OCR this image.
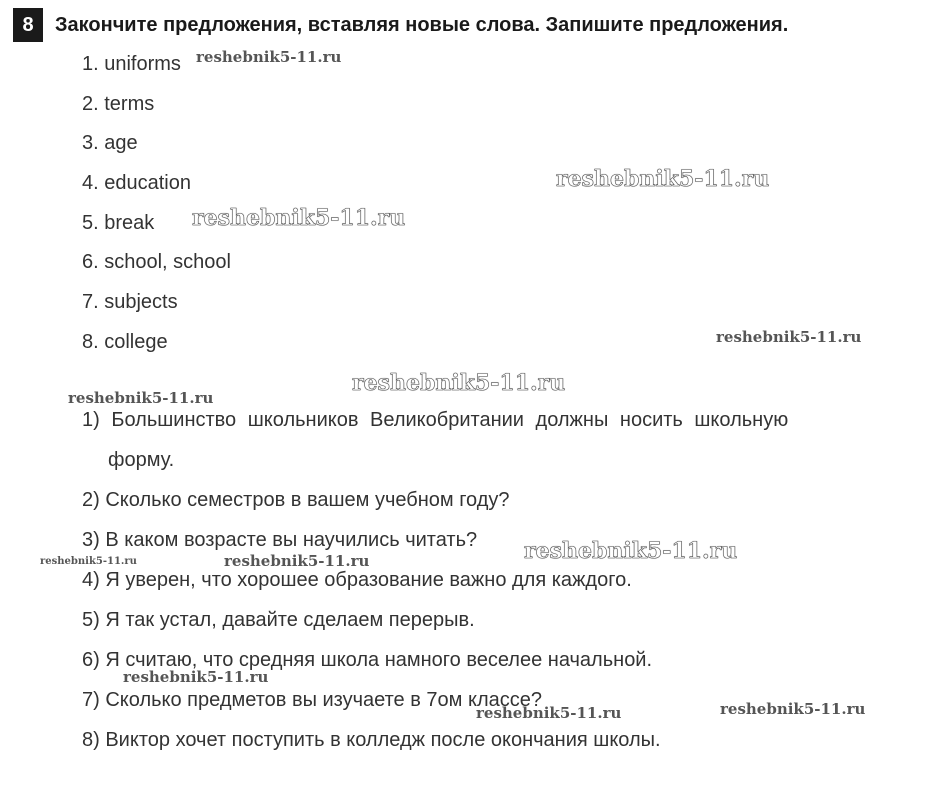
8	Закончите предложения, вставляя новые слова. Запишите предложения.
1. uniforms
2. terms
3. age
4. education
5. break
6. school, school
7. subjects
8. college
1) Большинство школьников Великобритании должны носить школьную
форму.
2) Сколько семестров в вашем учебном году?
3) В каком возрасте вы научились читать?
4) Я уверен, что хорошее образование важно для каждого.
5) Я так устал, давайте сделаем перерыв.
6) Я считаю, что средняя школа намного веселее начальной.
7) Сколько предметов вы изучаете в 7ом классе?
8) Виктор хочет поступить в колледж после окончания школы.
reshebnik5-11.ru
reshebnik5-11.ru
reshebnik5-11.ru
reshebnik5-11.ru
reshebnik5-11.ru
reshebnik5-11.ru
reshebnik5-11.ru
reshebnik5-11.ru	reshebnik5-11.ru
reshebnik5-11.ru
reshebnik5-11.ru	reshebnik5-11.ru
